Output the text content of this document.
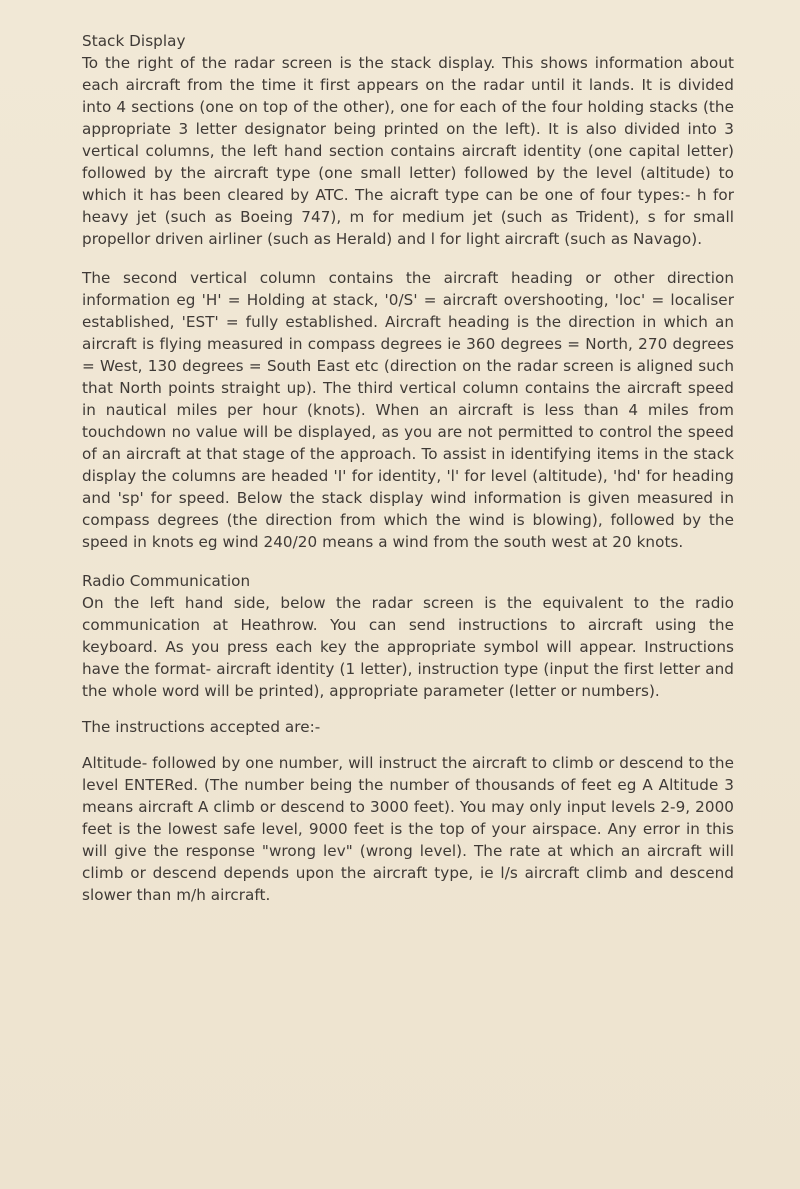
Stack Display

To the right of the radar screen is the stack display. This shows information about each aircraft from the time it first appears on the radar until it lands. It is divided into 4 sections (one on top of the other), one for each of the four holding stacks (the appropriate 3 letter designator being printed on the left). It is also divided into 3 vertical columns, the left hand section contains aircraft identity (one capital letter) followed by the aircraft type (one small letter) followed by the level (altitude) to which it has been cleared by ATC. The aicraft type can be one of four types:- h for heavy jet (such as Boeing 747), m for medium jet (such as Trident), s for small propellor driven airliner (such as Herald) and l for light aircraft (such as Navago).

The second vertical column contains the aircraft heading or other direction information eg 'H' = Holding at stack, '0/S' = aircraft overshooting, 'loc' = localiser established, 'EST' = fully established. Aircraft heading is the direction in which an aircraft is flying measured in compass degrees ie 360 degrees = North, 270 degrees = West, 130 degrees = South East etc (direction on the radar screen is aligned such that North points straight up). The third vertical column contains the aircraft speed in nautical miles per hour (knots). When an aircraft is less than 4 miles from touchdown no value will be displayed, as you are not permitted to control the speed of an aircraft at that stage of the approach. To assist in identifying items in the stack display the columns are headed 'I' for identity, 'l' for level (altitude), 'hd' for heading and 'sp' for speed. Below the stack display wind information is given measured in compass degrees (the direction from which the wind is blowing), followed by the speed in knots eg wind 240/20 means a wind from the south west at 20 knots.

Radio Communication

On the left hand side, below the radar screen is the equivalent to the radio communication at Heathrow. You can send instructions to aircraft using the keyboard. As you press each key the appropriate symbol will appear. Instructions have the format- aircraft identity (1 letter), instruction type (input the first letter and the whole word will be printed), appropriate parameter (letter or numbers).

The instructions accepted are:-

Altitude- followed by one number, will instruct the aircraft to climb or descend to the level ENTERed. (The number being the number of thousands of feet eg A Altitude 3 means aircraft A climb or descend to 3000 feet). You may only input levels 2-9, 2000 feet is the lowest safe level, 9000 feet is the top of your airspace. Any error in this will give the response "wrong lev" (wrong level). The rate at which an aircraft will climb or descend depends upon the aircraft type, ie l/s aircraft climb and descend slower than m/h aircraft.
